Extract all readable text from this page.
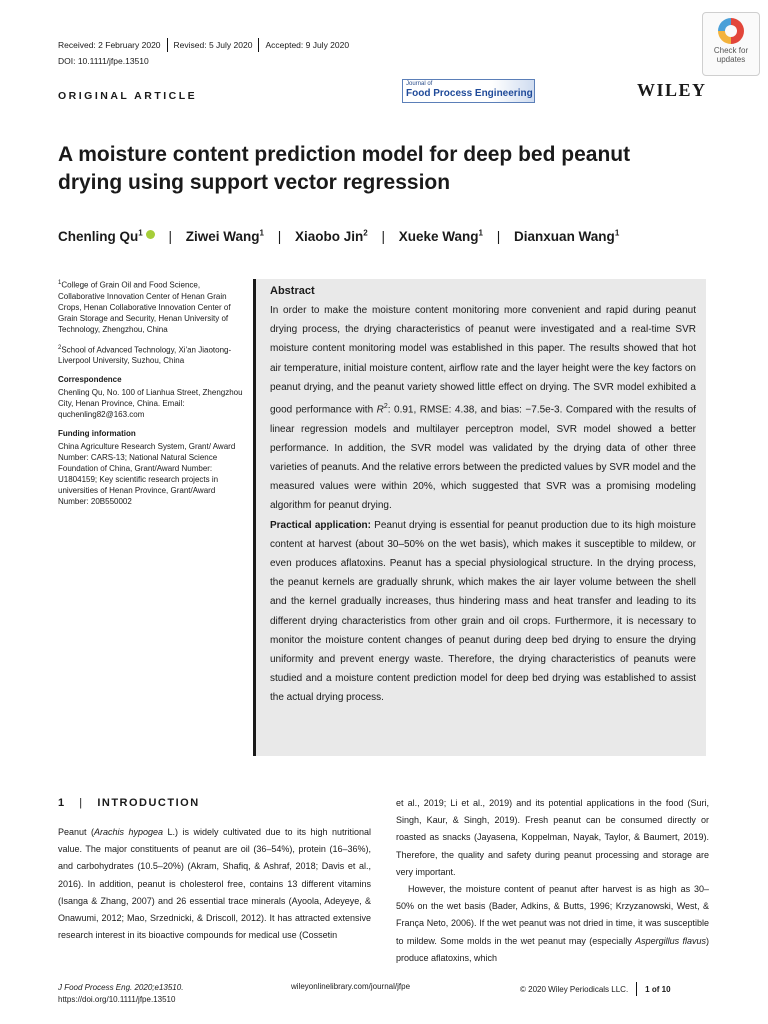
Received: 2 February 2020 Revised: 5 July 2020 Accepted: 9 July 2020
DOI: 10.1111/jfpe.13510
Check for
updates
ORIGINAL ARTICLE
Journal of
Food Process Engineering	WILEY
A moisture content prediction model for deep bed peanut drying using support vector regression
Chenling Qu$^1$ | Ziwei Wang$^1$ | Xiaobo Jin$^2$ | Xueke Wang$^1$ | Dianxuan Wang$^1$

$^1$College of Grain Oil and Food Science, Collaborative Innovation Center of Henan Grain Crops, Henan Collaborative Innovation Center of Grain Storage and Security, Henan University of Technology, Zhengzhou, China

$^2$School of Advanced Technology, Xi'an Jiaotong-Liverpool University, Suzhou, China

Correspondence
Chenling Qu, No. 100 of Lianhua Street, Zhengzhou City, Henan Province, China. Email: quchenling82@163.com

Funding information
China Agriculture Research System, Grant/ Award Number: CARS-13; National Natural Science Foundation of China, Grant/Award Number: U1804159; Key scientific research projects in universities of Henan Province, Grant/Award Number: 20B550002

Abstract

In order to make the moisture content monitoring more convenient and rapid during peanut drying process, the drying characteristics of peanut were investigated and a real-time SVR moisture content monitoring model was established in this paper. The results showed that hot air temperature, initial moisture content, airflow rate and the layer height were the key factors on peanut drying, and the peanut variety showed little effect on drying. The SVR model exhibited a good performance with $R^2$: 0.91, RMSE: 4.38, and bias: −7.5e-3. Compared with the results of linear regression models and multilayer perceptron model, SVR model showed a better performance. In addition, the SVR model was validated by the drying data of other three varieties of peanuts. And the relative errors between the predicted values by SVR model and the measured values were within 20%, which suggested that SVR was a promising modeling algorithm for peanut drying.

Practical application: Peanut drying is essential for peanut production due to its high moisture content at harvest (about 30–50% on the wet basis), which makes it susceptible to mildew, or even produces aflatoxins. Peanut has a special physiological structure. In the drying process, the peanut kernels are gradually shrunk, which makes the air layer volume between the shell and the kernel gradually increases, thus hindering mass and heat transfer and leading to its different drying characteristics from other grain and oil crops. Furthermore, it is necessary to monitor the moisture content changes of peanut during deep bed drying to ensure the drying uniformity and prevent energy waste. Therefore, the drying characteristics of peanuts were studied and a moisture content prediction model for deep bed drying was established to assist the actual drying process.

1 | INTRODUCTION

Peanut (Arachis hypogea L.) is widely cultivated due to its high nutritional value. The major constituents of peanut are oil (36–54%), protein (16–36%), and carbohydrates (10.5–20%) (Akram, Shafiq, & Ashraf, 2018; Davis et al., 2016). In addition, peanut is cholesterol free, contains 13 different vitamins (Isanga & Zhang, 2007) and 26 essential trace minerals (Ayoola, Adeyeye, & Onawumi, 2012; Mao, Srzednicki, & Driscoll, 2012). It has attracted extensive research interest in its bioactive compounds for medical use (Cossetin

et al., 2019; Li et al., 2019) and its potential applications in the food (Suri, Singh, Kaur, & Singh, 2019). Fresh peanut can be consumed directly or roasted as snacks (Jayasena, Koppelman, Nayak, Taylor, & Baumert, 2019). Therefore, the quality and safety during peanut processing and storage are very important.

However, the moisture content of peanut after harvest is as high as 30–50% on the wet basis (Bader, Adkins, & Butts, 1996; Krzyzanowski, West, & França Neto, 2006). If the wet peanut was not dried in time, it was susceptible to mildew. Some molds in the wet peanut may (especially Aspergillus flavus) produce aflatoxins, which

J Food Process Eng. 2020;e13510.
https://doi.org/10.1111/jfpe.13510
wileyonlinelibrary.com/journal/jfpe	© 2020 Wiley Periodicals LLC. 1 of 10
